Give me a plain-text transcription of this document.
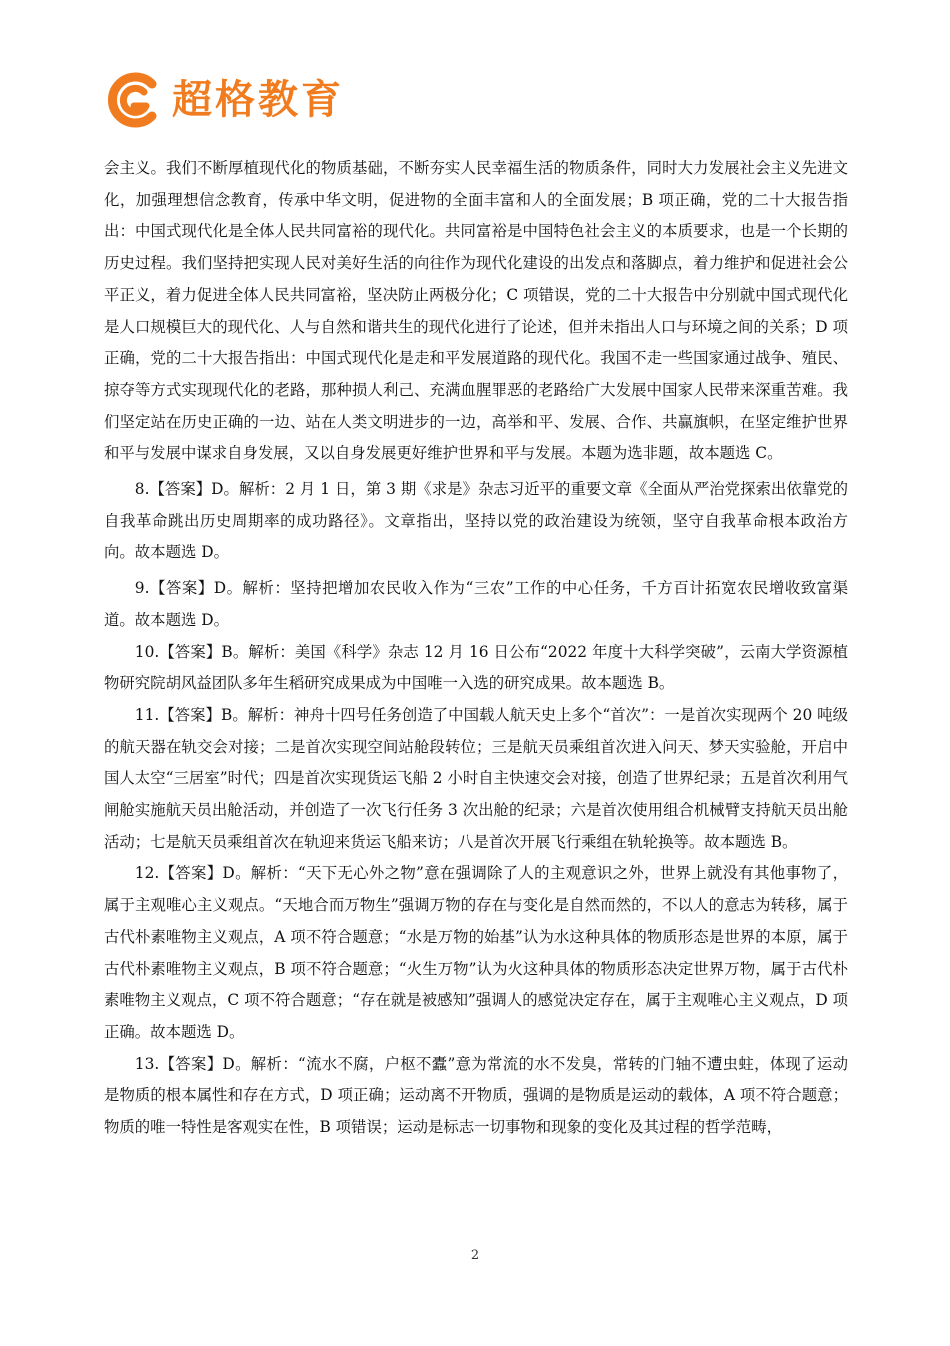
超格教育

会主义。我们不断厚植现代化的物质基础，不断夯实人民幸福生活的物质条件，同时大力发展社会主义先进文化，加强理想信念教育，传承中华文明，促进物的全面丰富和人的全面发展；B 项正确，党的二十大报告指出：中国式现代化是全体人民共同富裕的现代化。共同富裕是中国特色社会主义的本质要求，也是一个长期的历史过程。我们坚持把实现人民对美好生活的向往作为现代化建设的出发点和落脚点，着力维护和促进社会公平正义，着力促进全体人民共同富裕，坚决防止两极分化；C 项错误，党的二十大报告中分别就中国式现代化是人口规模巨大的现代化、人与自然和谐共生的现代化进行了论述，但并未指出人口与环境之间的关系；D 项正确，党的二十大报告指出：中国式现代化是走和平发展道路的现代化。我国不走一些国家通过战争、殖民、掠夺等方式实现现代化的老路，那种损人利己、充满血腥罪恶的老路给广大发展中国家人民带来深重苦难。我们坚定站在历史正确的一边、站在人类文明进步的一边，高举和平、发展、合作、共赢旗帜，在坚定维护世界和平与发展中谋求自身发展，又以自身发展更好维护世界和平与发展。本题为选非题，故本题选 C。

8.【答案】D。解析：2 月 1 日，第 3 期《求是》杂志习近平的重要文章《全面从严治党探索出依靠党的自我革命跳出历史周期率的成功路径》。文章指出，坚持以党的政治建设为统领，坚守自我革命根本政治方向。故本题选 D。

9.【答案】D。解析：坚持把增加农民收入作为“三农”工作的中心任务，千方百计拓宽农民增收致富渠道。故本题选 D。

10.【答案】B。解析：美国《科学》杂志 12 月 16 日公布“2022 年度十大科学突破”，云南大学资源植物研究院胡风益团队多年生稻研究成果成为中国唯一入选的研究成果。故本题选 B。

11.【答案】B。解析：神舟十四号任务创造了中国载人航天史上多个“首次”：一是首次实现两个 20 吨级的航天器在轨交会对接；二是首次实现空间站舱段转位；三是航天员乘组首次进入问天、梦天实验舱，开启中国人太空“三居室”时代；四是首次实现货运飞船 2 小时自主快速交会对接，创造了世界纪录；五是首次利用气闸舱实施航天员出舱活动，并创造了一次飞行任务 3 次出舱的纪录；六是首次使用组合机械臂支持航天员出舱活动；七是航天员乘组首次在轨迎来货运飞船来访；八是首次开展飞行乘组在轨轮换等。故本题选 B。

12.【答案】D。解析：“天下无心外之物”意在强调除了人的主观意识之外，世界上就没有其他事物了，属于主观唯心主义观点。“天地合而万物生”强调万物的存在与变化是自然而然的，不以人的意志为转移，属于古代朴素唯物主义观点，A 项不符合题意；“水是万物的始基”认为水这种具体的物质形态是世界的本原，属于古代朴素唯物主义观点，B 项不符合题意；“火生万物”认为火这种具体的物质形态决定世界万物，属于古代朴素唯物主义观点，C 项不符合题意；“存在就是被感知”强调人的感觉决定存在，属于主观唯心主义观点，D 项正确。故本题选 D。

13.【答案】D。解析：“流水不腐，户枢不蠹”意为常流的水不发臭，常转的门轴不遭虫蛀，体现了运动是物质的根本属性和存在方式，D 项正确；运动离不开物质，强调的是物质是运动的载体，A 项不符合题意；物质的唯一特性是客观实在性，B 项错误；运动是标志一切事物和现象的变化及其过程的哲学范畴，

2
